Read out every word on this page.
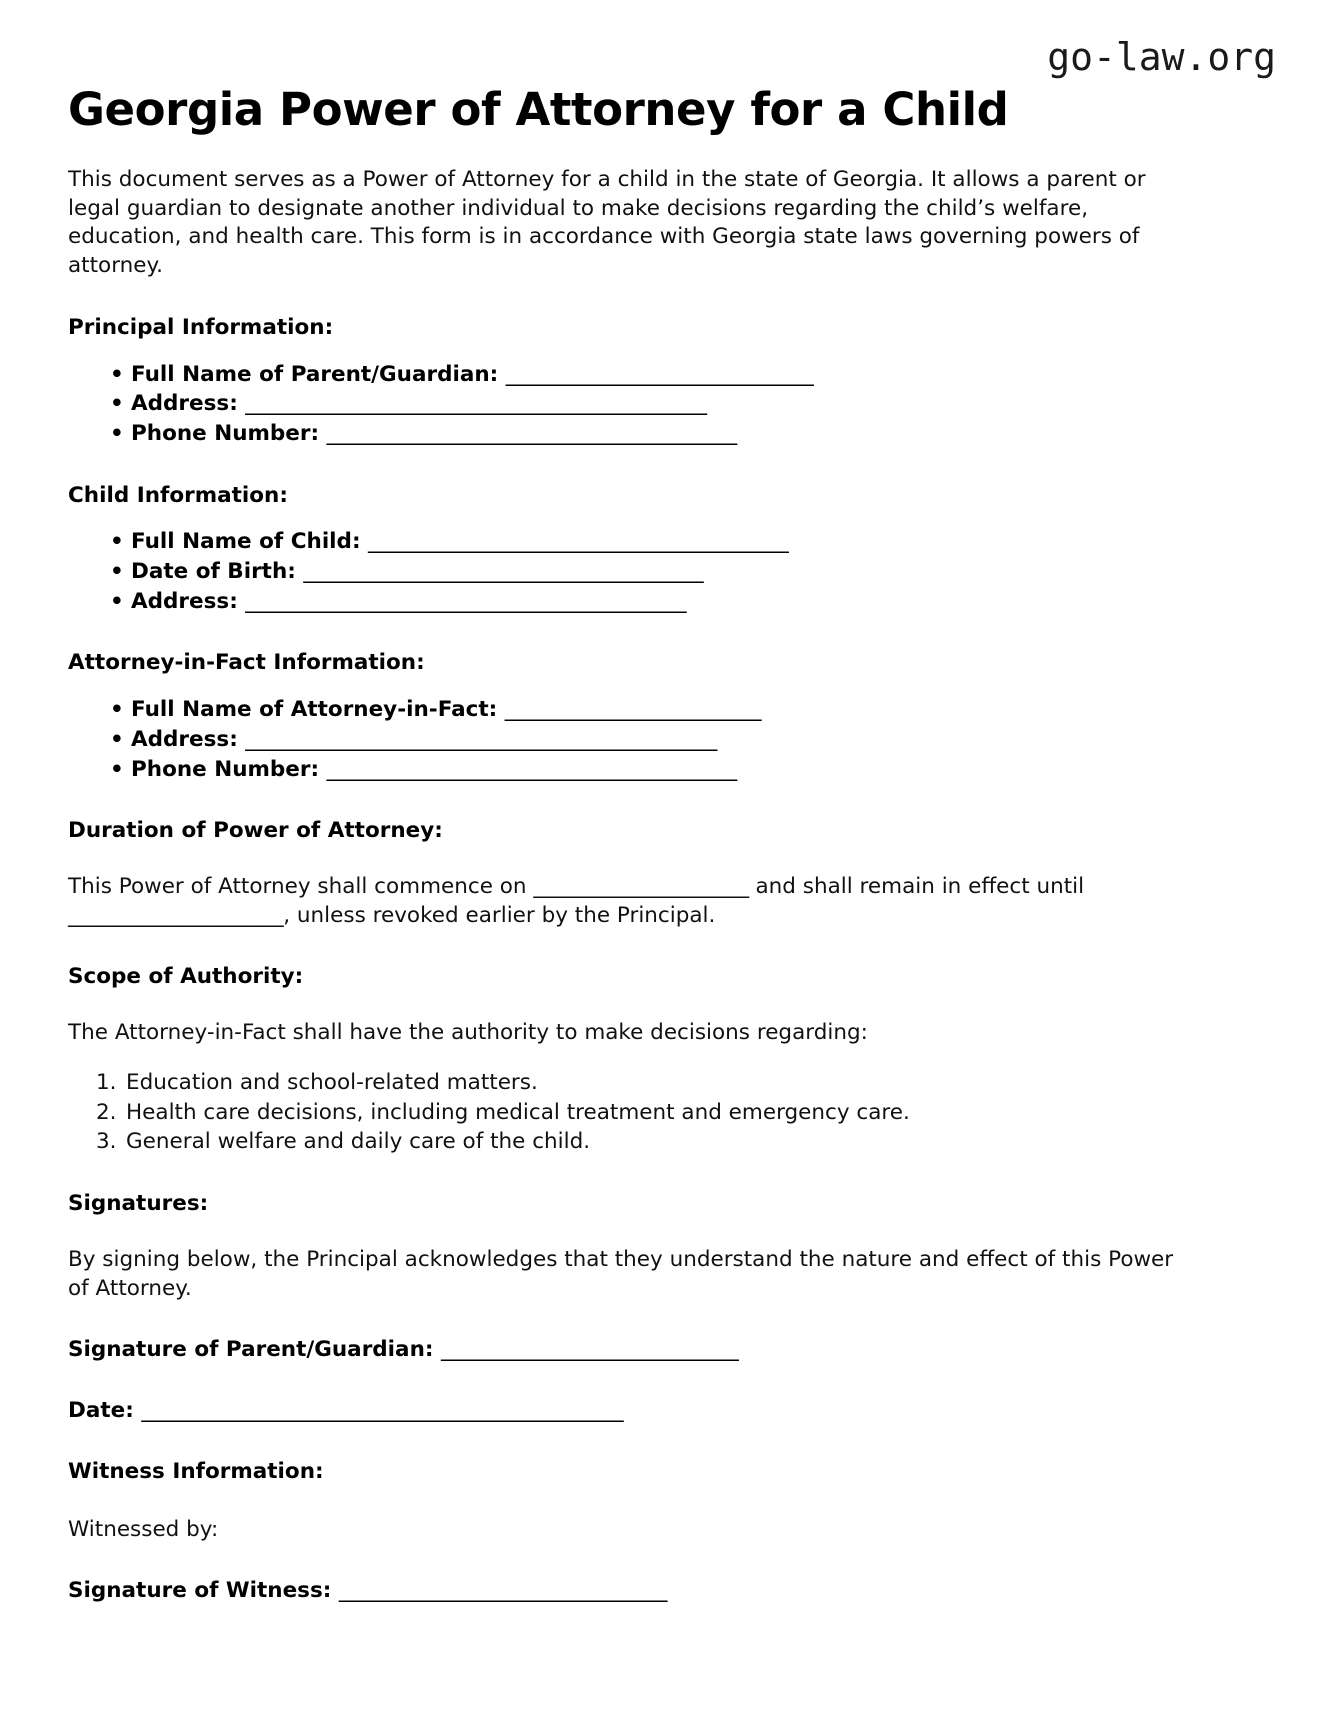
go-law.org
Georgia Power of Attorney for a Child

This document serves as a Power of Attorney for a child in the state of Georgia. It allows a parent or legal guardian to designate another individual to make decisions regarding the child’s welfare, education, and health care. This form is in accordance with Georgia state laws governing powers of attorney.

Principal Information:
• Full Name of Parent/Guardian: ______________________________
• Address: _____________________________________________
• Phone Number: ________________________________________
Child Information:
• Full Name of Child: _________________________________________
• Date of Birth: _______________________________________
• Address: ___________________________________________
Attorney-in-Fact Information:
• Full Name of Attorney-in-Fact: _________________________
• Address: ______________________________________________
• Phone Number: ________________________________________
Duration of Power of Attorney:

This Power of Attorney shall commence on _____________________ and shall remain in effect until _____________________, unless revoked earlier by the Principal.

Scope of Authority:

The Attorney-in-Fact shall have the authority to make decisions regarding:

1. Education and school-related matters.
2. Health care decisions, including medical treatment and emergency care.
3. General welfare and daily care of the child.
Signatures:

By signing below, the Principal acknowledges that they understand the nature and effect of this Power of Attorney.

Signature of Parent/Guardian: _____________________________
Date: _______________________________________________
Witness Information:

Witnessed by:

Signature of Witness: ________________________________
